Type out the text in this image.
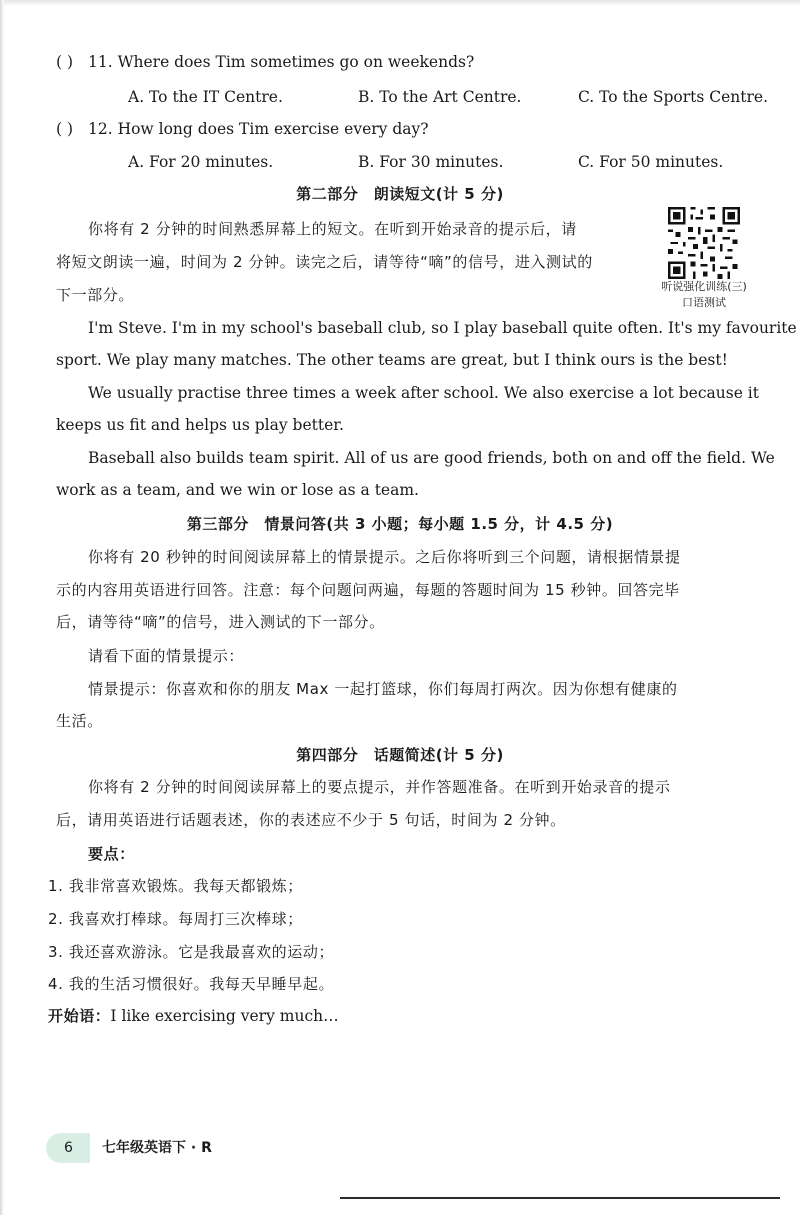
( ) 11. Where does Tim sometimes go on weekends?
A. To the IT Centre.	B. To the Art Centre.	C. To the Sports Centre.
( ) 12. How long does Tim exercise every day?
A. For 20 minutes.	B. For 30 minutes.	C. For 50 minutes.
第二部分　朗读短文(计 5 分)
你将有 2 分钟的时间熟悉屏幕上的短文。在听到开始录音的提示后，请
将短文朗读一遍，时间为 2 分钟。读完之后，请等待“嘀”的信号，进入测试的
下一部分。	听说强化训练(三)
口语测试
I'm Steve. I'm in my school's baseball club, so I play baseball quite often. It's my favourite
sport. We play many matches. The other teams are great, but I think ours is the best!
We usually practise three times a week after school. We also exercise a lot because it
keeps us fit and helps us play better.
Baseball also builds team spirit. All of us are good friends, both on and off the field. We
work as a team, and we win or lose as a team.
第三部分　情景问答(共 3 小题；每小题 1.5 分，计 4.5 分)
你将有 20 秒钟的时间阅读屏幕上的情景提示。之后你将听到三个问题，请根据情景提
示的内容用英语进行回答。注意：每个问题问两遍，每题的答题时间为 15 秒钟。回答完毕
后，请等待“嘀”的信号，进入测试的下一部分。
请看下面的情景提示：
情景提示：你喜欢和你的朋友 Max 一起打篮球，你们每周打两次。因为你想有健康的
生活。
第四部分　话题简述(计 5 分)
你将有 2 分钟的时间阅读屏幕上的要点提示，并作答题准备。在听到开始录音的提示
后，请用英语进行话题表述，你的表述应不少于 5 句话，时间为 2 分钟。
要点：
1. 我非常喜欢锻炼。我每天都锻炼；
2. 我喜欢打棒球。每周打三次棒球；
3. 我还喜欢游泳。它是我最喜欢的运动；
4. 我的生活习惯很好。我每天早睡早起。
开始语：I like exercising very much…
6	七年级英语下 · R
